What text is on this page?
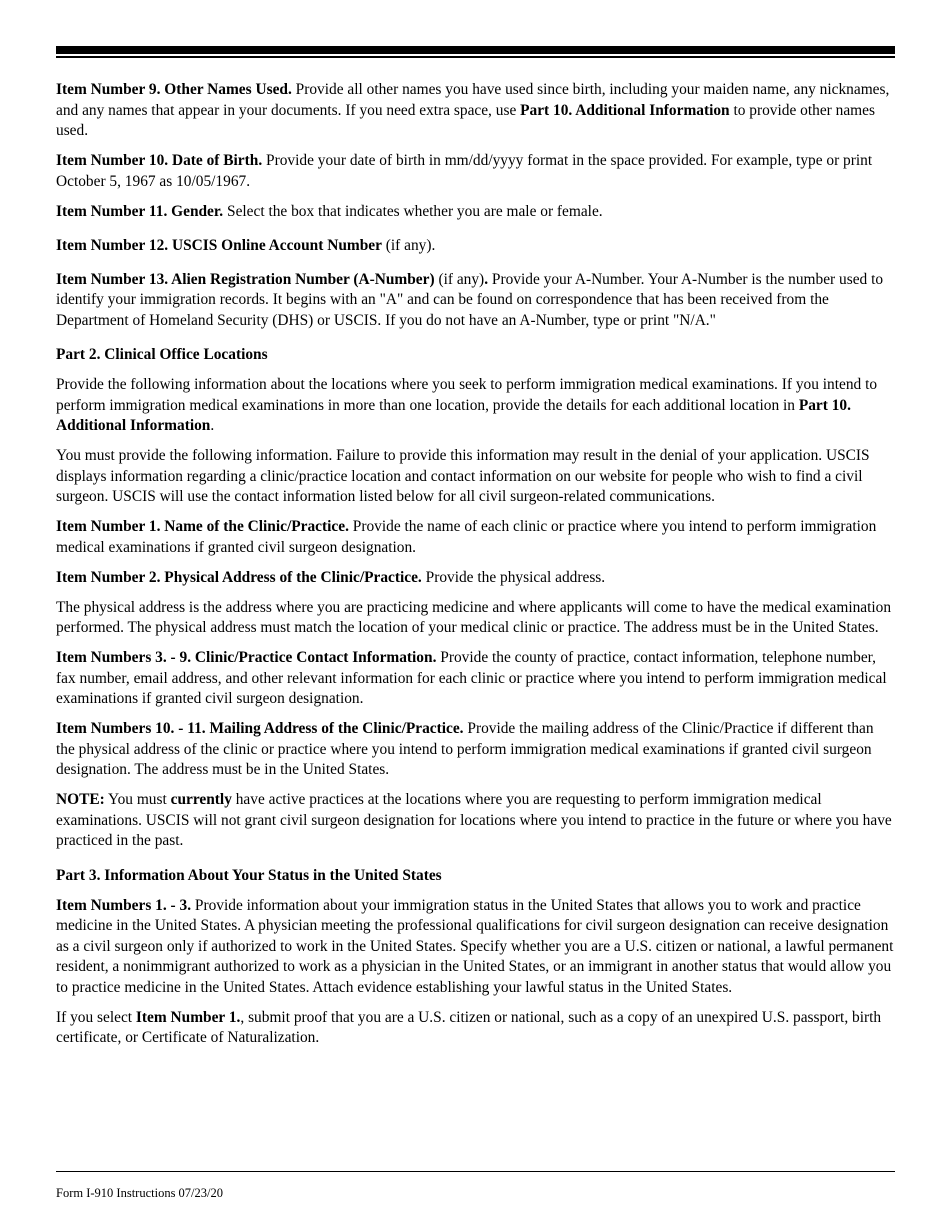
Item Number 9. Other Names Used. Provide all other names you have used since birth, including your maiden name, any nicknames, and any names that appear in your documents. If you need extra space, use Part 10. Additional Information to provide other names used.

Item Number 10. Date of Birth. Provide your date of birth in mm/dd/yyyy format in the space provided. For example, type or print October 5, 1967 as 10/05/1967.

Item Number 11. Gender. Select the box that indicates whether you are male or female.

Item Number 12. USCIS Online Account Number (if any).

Item Number 13. Alien Registration Number (A-Number) (if any). Provide your A-Number. Your A-Number is the number used to identify your immigration records. It begins with an "A" and can be found on correspondence that has been received from the Department of Homeland Security (DHS) or USCIS. If you do not have an A-Number, type or print "N/A."

Part 2. Clinical Office Locations

Provide the following information about the locations where you seek to perform immigration medical examinations. If you intend to perform immigration medical examinations in more than one location, provide the details for each additional location in Part 10. Additional Information.

You must provide the following information. Failure to provide this information may result in the denial of your application. USCIS displays information regarding a clinic/practice location and contact information on our website for people who wish to find a civil surgeon. USCIS will use the contact information listed below for all civil surgeon-related communications.

Item Number 1. Name of the Clinic/Practice. Provide the name of each clinic or practice where you intend to perform immigration medical examinations if granted civil surgeon designation.

Item Number 2. Physical Address of the Clinic/Practice. Provide the physical address.

The physical address is the address where you are practicing medicine and where applicants will come to have the medical examination performed. The physical address must match the location of your medical clinic or practice. The address must be in the United States.

Item Numbers 3. - 9. Clinic/Practice Contact Information. Provide the county of practice, contact information, telephone number, fax number, email address, and other relevant information for each clinic or practice where you intend to perform immigration medical examinations if granted civil surgeon designation.

Item Numbers 10. - 11. Mailing Address of the Clinic/Practice. Provide the mailing address of the Clinic/Practice if different than the physical address of the clinic or practice where you intend to perform immigration medical examinations if granted civil surgeon designation. The address must be in the United States.

NOTE: You must currently have active practices at the locations where you are requesting to perform immigration medical examinations. USCIS will not grant civil surgeon designation for locations where you intend to practice in the future or where you have practiced in the past.

Part 3. Information About Your Status in the United States

Item Numbers 1. - 3. Provide information about your immigration status in the United States that allows you to work and practice medicine in the United States. A physician meeting the professional qualifications for civil surgeon designation can receive designation as a civil surgeon only if authorized to work in the United States. Specify whether you are a U.S. citizen or national, a lawful permanent resident, a nonimmigrant authorized to work as a physician in the United States, or an immigrant in another status that would allow you to practice medicine in the United States. Attach evidence establishing your lawful status in the United States.

If you select Item Number 1., submit proof that you are a U.S. citizen or national, such as a copy of an unexpired U.S. passport, birth certificate, or Certificate of Naturalization.

Form I-910 Instructions 07/23/20
